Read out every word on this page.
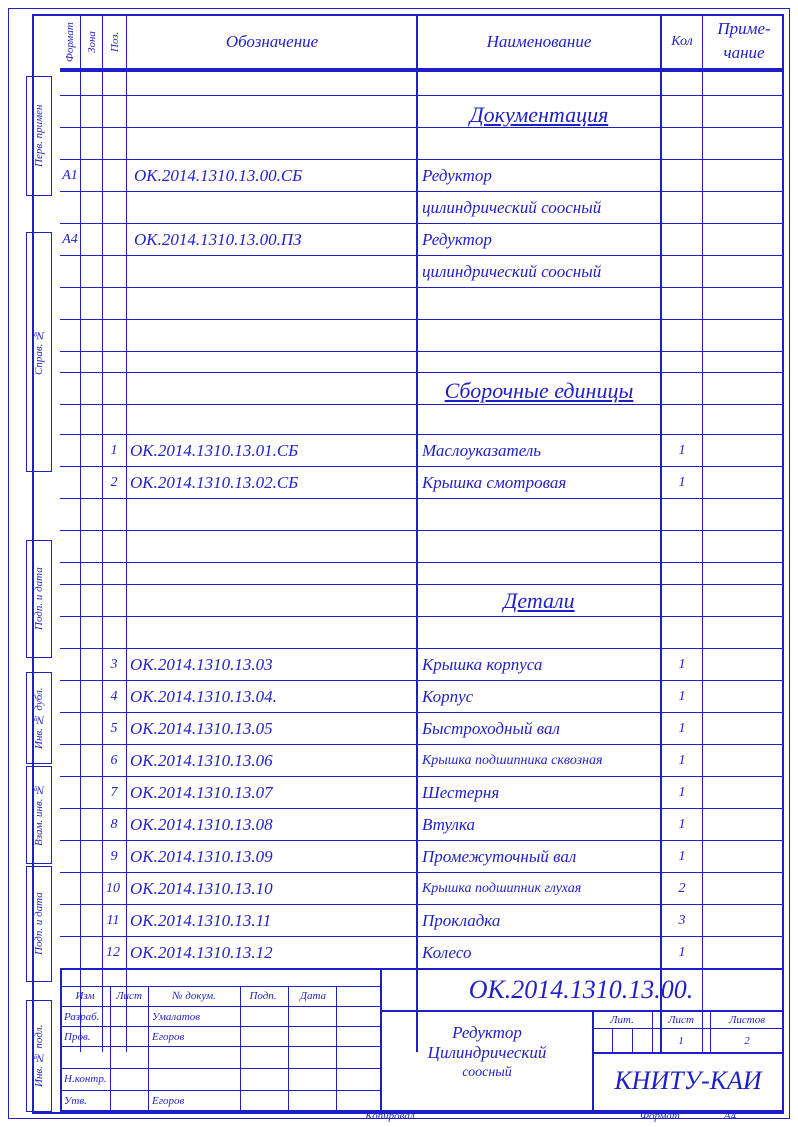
Перв. примен
Справ. №
Подп. и дата
Инв. № дубл.
Взам. инв. №
Подп. и дата
Инв. № подл.
Формат Зона	Поз.	Обозначение	Наименование	Кол
Приме-
чание
Документация
Сборочные единицы
Детали
А1	ОК.2014.1310.13.00.СБ	Редуктор
цилиндрический соосный
А4	ОК.2014.1310.13.00.ПЗ	Редуктор
цилиндрический соосный
1 ОК.2014.1310.13.01.СБ	Маслоуказатель	1
2 ОК.2014.1310.13.02.СБ	Крышка смотровая	1
3 ОК.2014.1310.13.03	Крышка корпуса	1
4 ОК.2014.1310.13.04.	Корпус	1
5 ОК.2014.1310.13.05	Быстроходный вал	1
6 ОК.2014.1310.13.06	Крышка подшипника сквозная	1
7 ОК.2014.1310.13.07	Шестерня	1
8 ОК.2014.1310.13.08	Втулка	1
9 ОК.2014.1310.13.09	Промежуточный вал	1
10 ОК.2014.1310.13.10	Крышка подшипник глухая	2
11 ОК.2014.1310.13.11	Прокладка	3
12 ОК.2014.1310.13.12	Колесо	1
ОК.2014.1310.13.00.
Изм	Лист	№ докум.	Подп.	Дата
Разраб.	Умалатов
Пров.	Егоров
Н.контр.
Утв.	Егоров
Редуктор
Цилиндрический
соосный
Лит.	Лист	Листов
1	2
КНИТУ-КАИ
Копировал	Формат	А4
